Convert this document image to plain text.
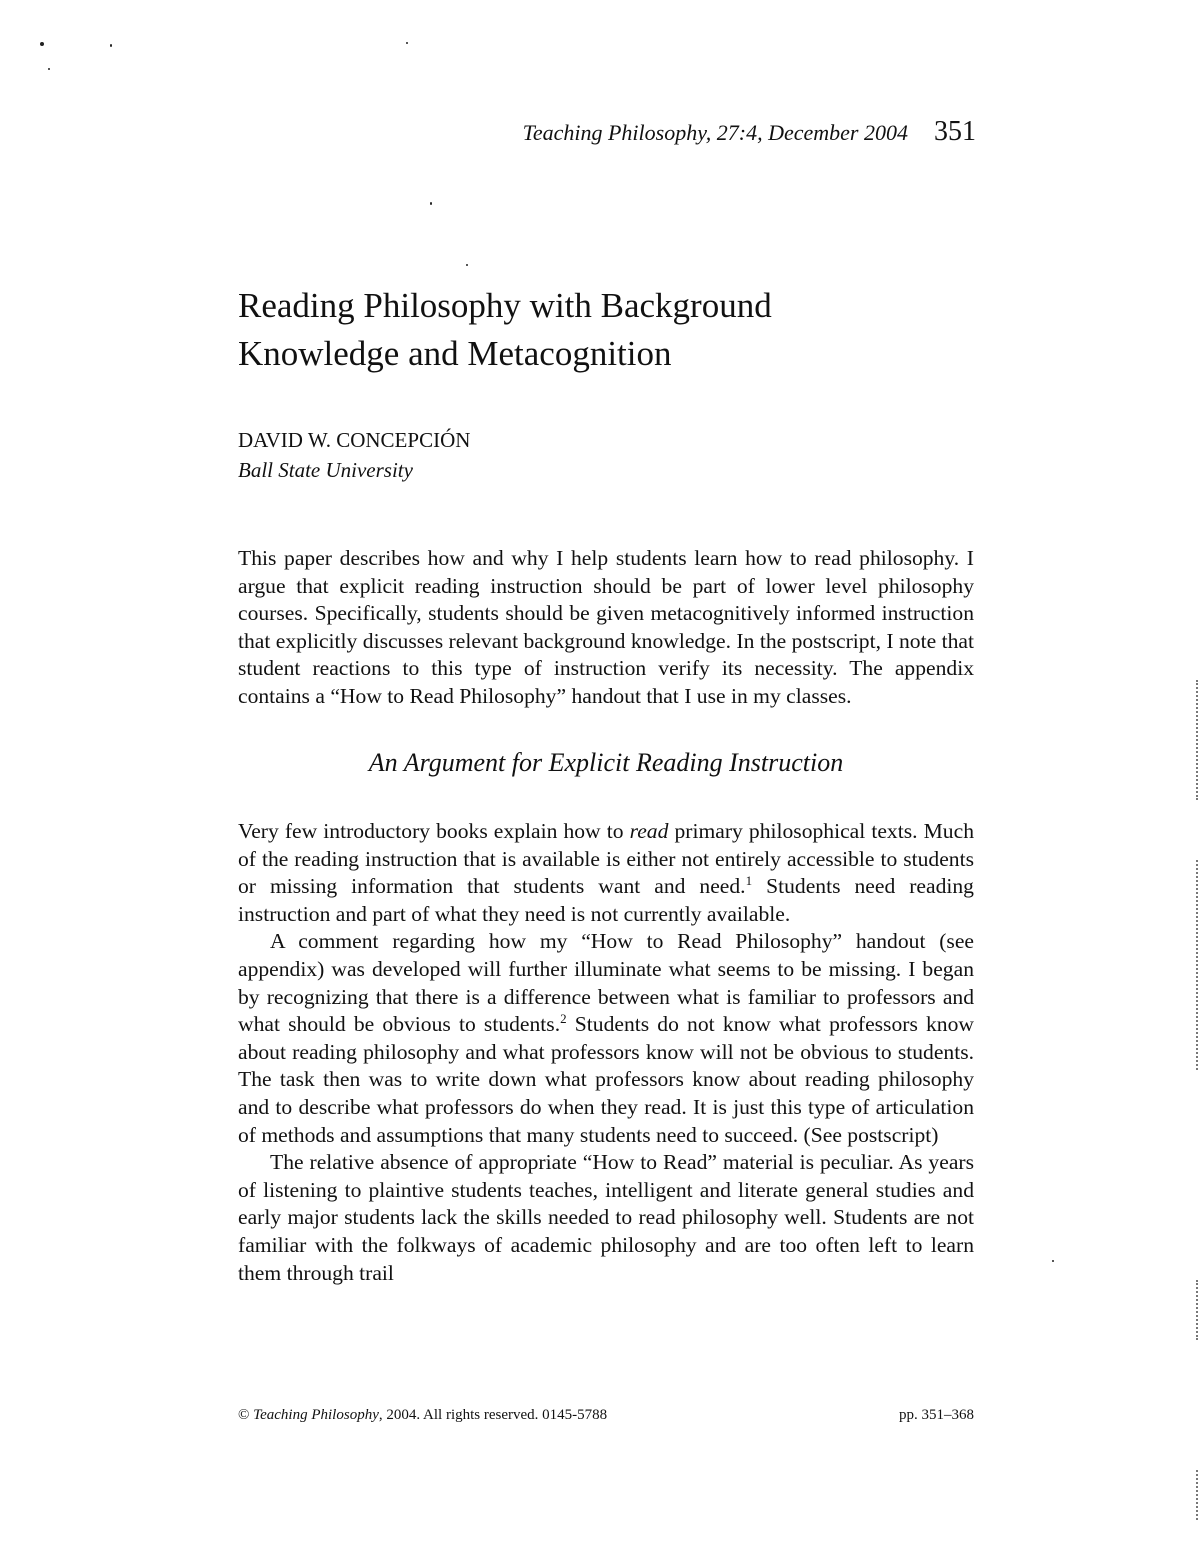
Teaching Philosophy, 27:4, December 2004 351
Reading Philosophy with Background
Knowledge and Metacognition
DAVID W. CONCEPCIÓN
Ball State University

This paper describes how and why I help students learn how to read philosophy. I argue that explicit reading instruction should be part of lower level philosophy courses. Specifically, students should be given metacognitively informed instruction that explicitly discusses relevant background knowledge. In the postscript, I note that student reactions to this type of instruction verify its necessity. The appendix contains a “How to Read Philosophy” handout that I use in my classes.

An Argument for Explicit Reading Instruction

Very few introductory books explain how to read primary philosophical texts. Much of the reading instruction that is available is either not entirely accessible to students or missing information that students want and need.$^1$ Students need reading instruction and part of what they need is not currently available.

A comment regarding how my “How to Read Philosophy” handout (see appendix) was developed will further illuminate what seems to be missing. I began by recognizing that there is a difference between what is familiar to professors and what should be obvious to students.$^2$ Students do not know what professors know about reading philosophy and what professors know will not be obvious to students. The task then was to write down what professors know about reading philosophy and to describe what professors do when they read. It is just this type of articulation of methods and assumptions that many students need to succeed. (See postscript)

The relative absence of appropriate “How to Read” material is peculiar. As years of listening to plaintive students teaches, intelligent and literate general studies and early major students lack the skills needed to read philosophy well. Students are not familiar with the folkways of academic philosophy and are too often left to learn them through trail

© Teaching Philosophy, 2004. All rights reserved. 0145-5788	pp. 351–368
